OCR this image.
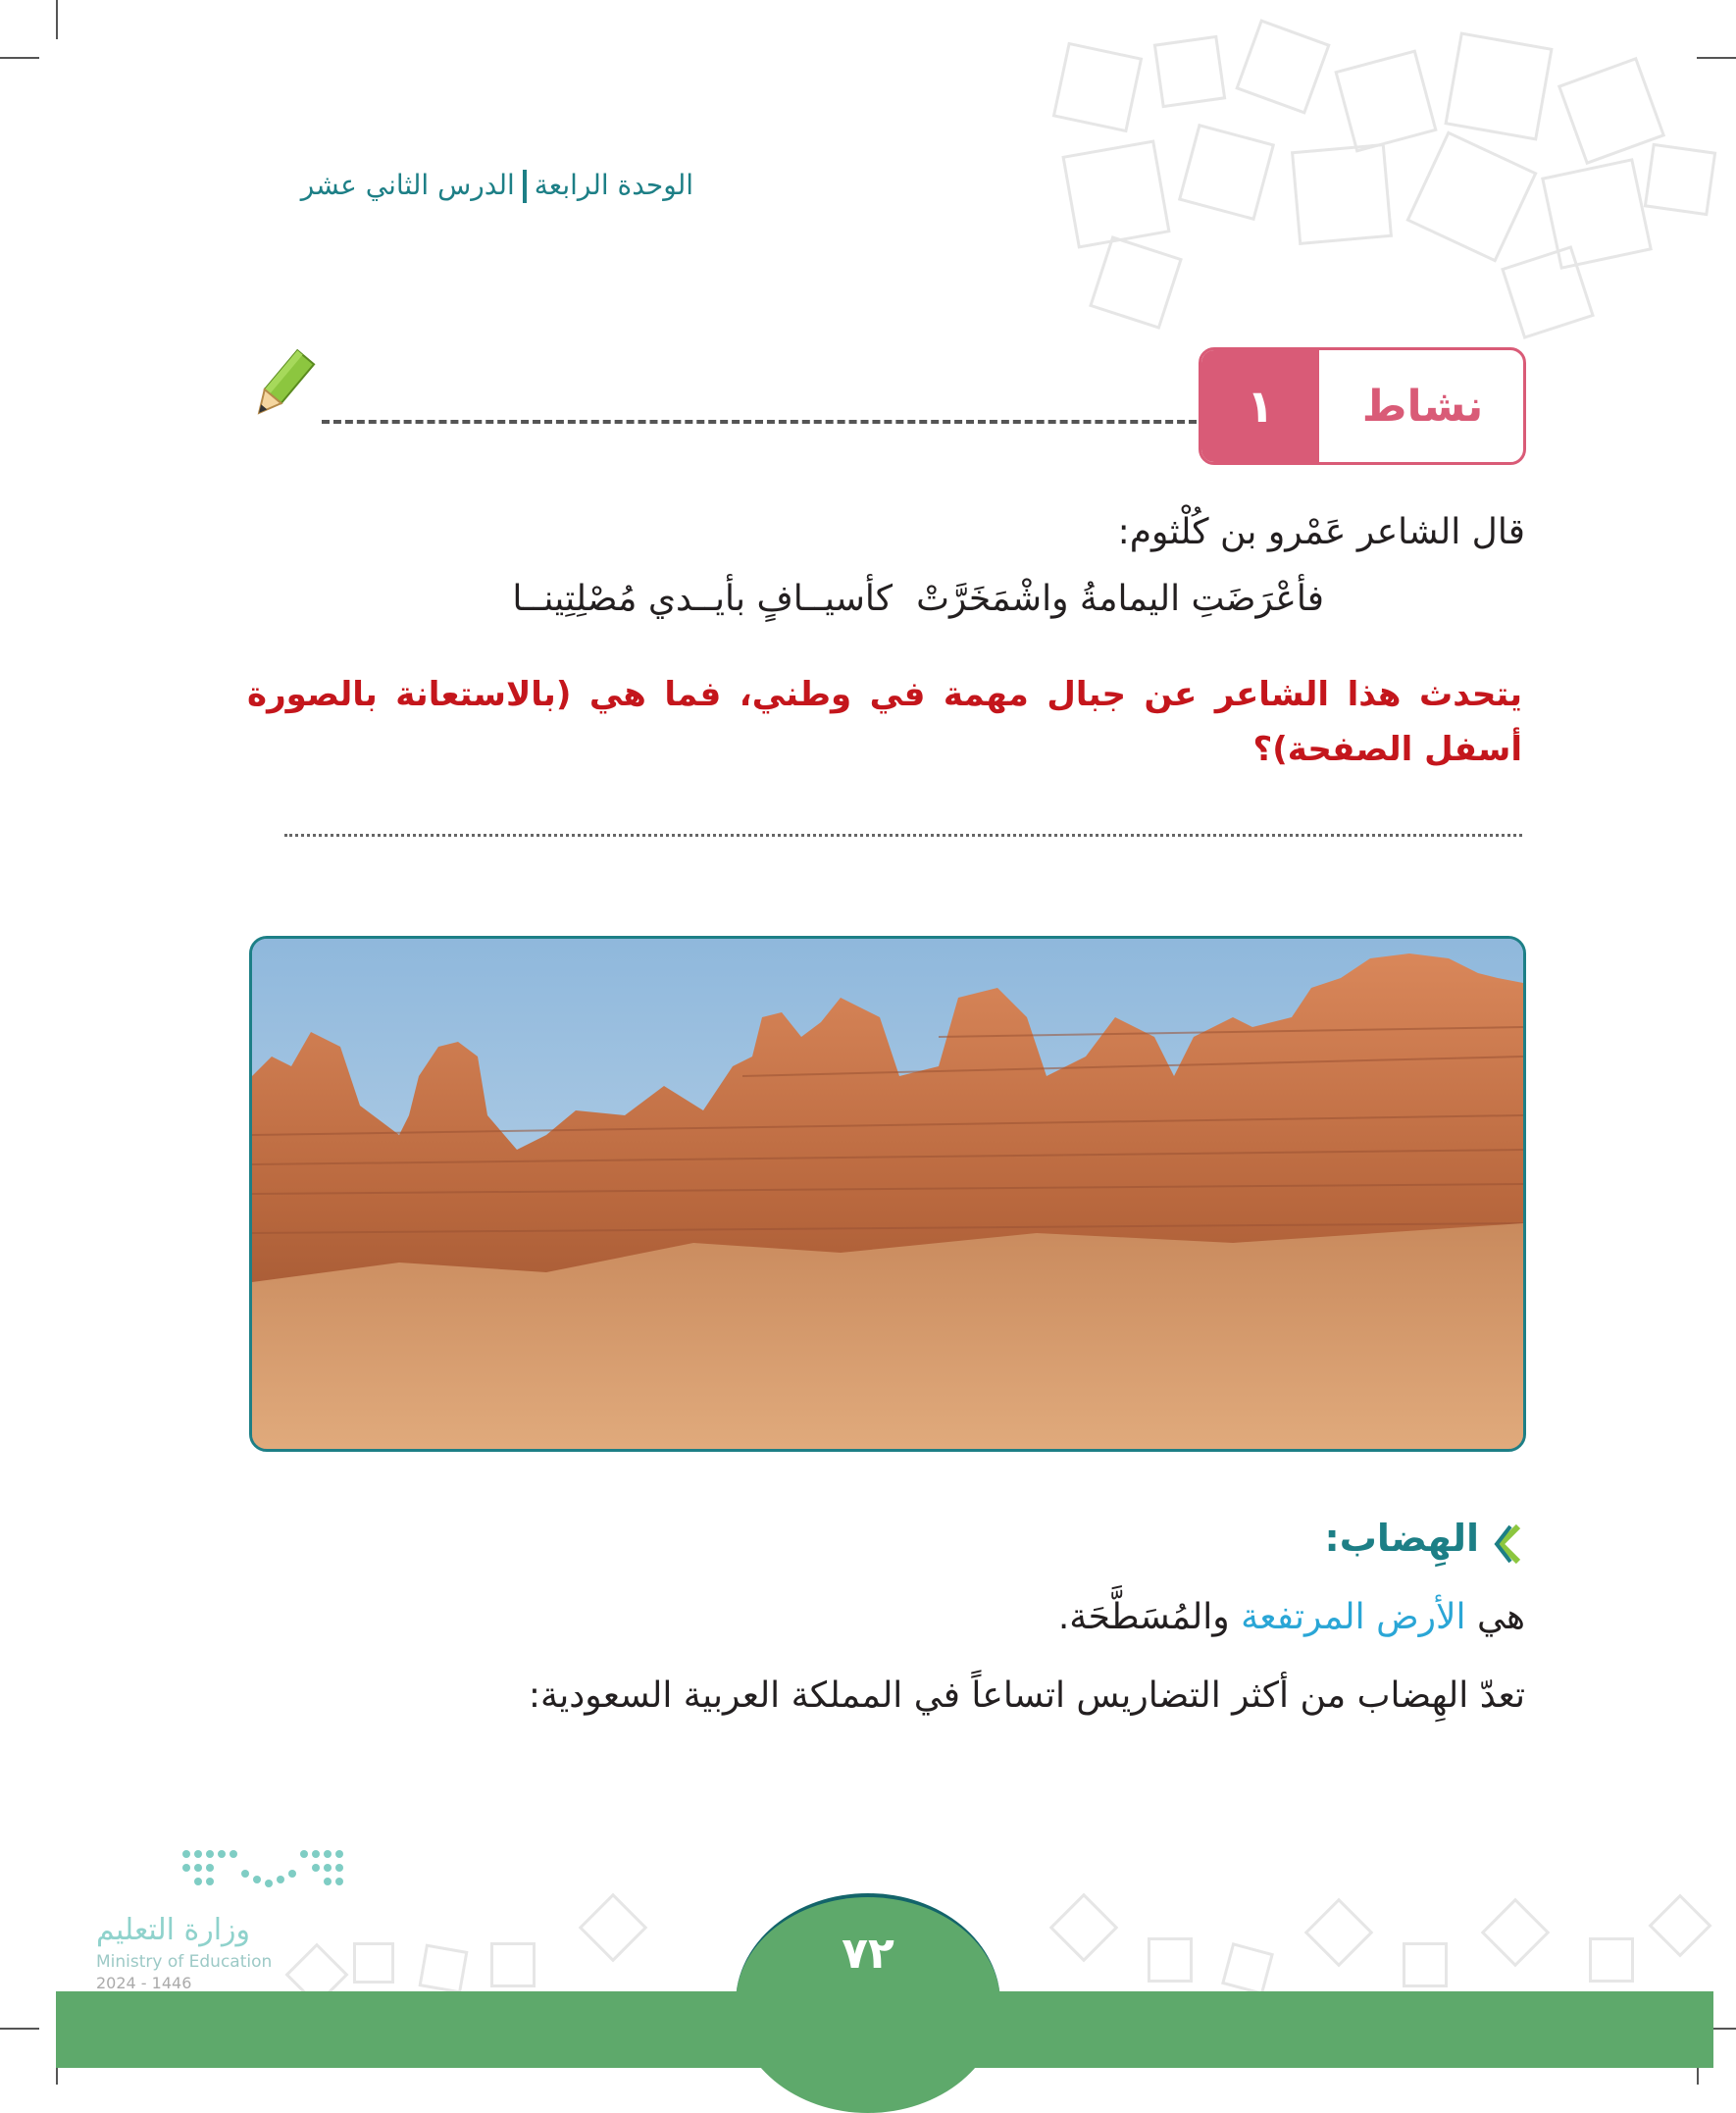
الوحدة الرابعةالدرس الثاني عشر
نشاط
١
قال الشاعر عَمْرو بن كُلْثوم:
فأعْرَضَتِ اليمامةُ واشْمَخَرَّتْ
كأسيــافٍ بأيــدي مُصْلِتِينــا
يتحدث هذا الشاعر عن جبال مهمة في وطني، فما هي (بالاستعانة بالصورة أسفل الصفحة)؟
الهِضاب:
هي الأرض المرتفعة والمُسَطَّحَة.
تعدّ الهِضاب من أكثر التضاريس اتساعاً في المملكة العربية السعودية:
٧٢
وزارة التعليم
Ministry of Education
2024 - 1446
